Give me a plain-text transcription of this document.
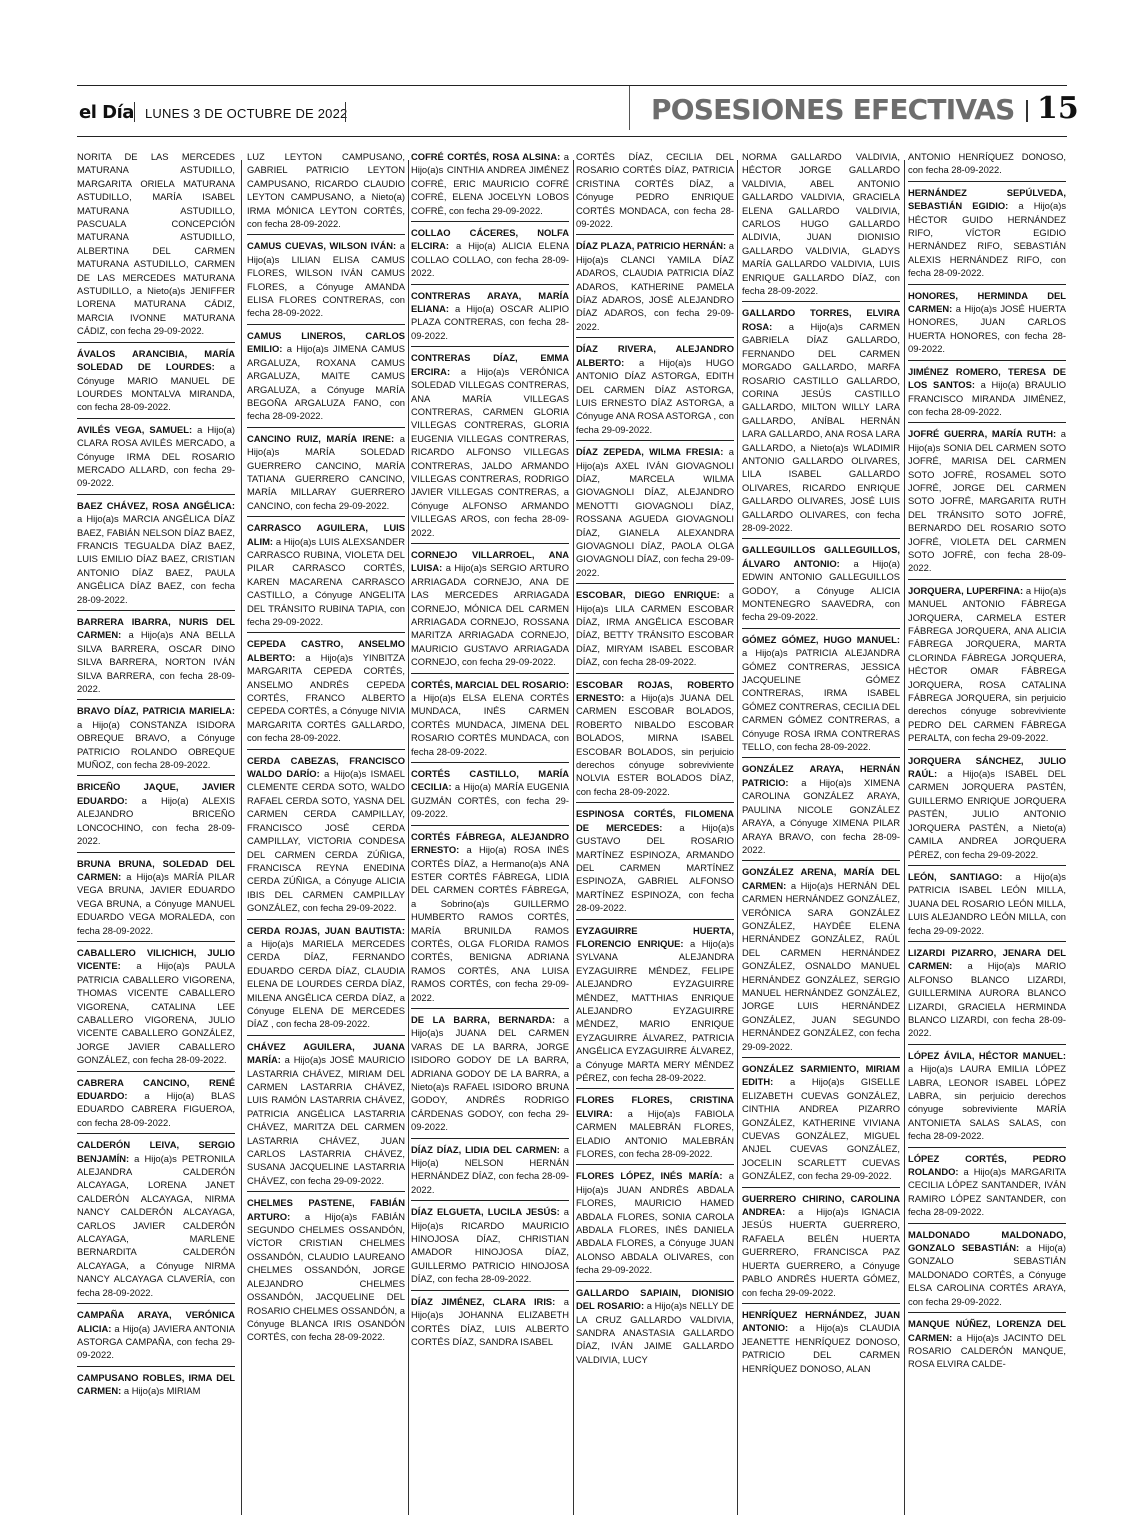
el Día LUNES 3 DE OCTUBRE DE 2022	POSESIONES EFECTIVAS 15

NORITA DE LAS MERCEDES MATURANA ASTUDILLO, MARGARITA ORIELA MATURANA ASTUDILLO, MARÍA ISABEL MATURANA ASTUDILLO, PASCUALA CONCEPCIÓN MATURANA ASTUDILLO, ALBERTINA DEL CARMEN MATURANA ASTUDILLO, CARMEN DE LAS MERCEDES MATURANA ASTUDILLO, a Nieto(a)s JENIFFER LORENA MATURANA CÁDIZ, MARCIA IVONNE MATURANA CÁDIZ, con fecha 29-09-2022.

ÁVALOS ARANCIBIA, MARÍA SOLEDAD DE LOURDES: a Cónyuge MARIO MANUEL DE LOURDES MONTALVA MIRANDA, con fecha 28-09-2022.

AVILÉS VEGA, SAMUEL: a Hijo(a) CLARA ROSA AVILÉS MERCADO, a Cónyuge IRMA DEL ROSARIO MERCADO ALLARD, con fecha 29-09-2022.

BAEZ CHÁVEZ, ROSA ANGÉLICA: a Hijo(a)s MARCIA ANGÉLICA DÍAZ BAEZ, FABIÁN NELSON DÍAZ BAEZ, FRANCIS TEGUALDA DÍAZ BAEZ, LUIS EMILIO DÍAZ BAEZ, CRISTIAN ANTONIO DÍAZ BAEZ, PAULA ANGÉLICA DÍAZ BAEZ, con fecha 28-09-2022.

BARRERA IBARRA, NURIS DEL CARMEN: a Hijo(a)s ANA BELLA SILVA BARRERA, OSCAR DINO SILVA BARRERA, NORTON IVÁN SILVA BARRERA, con fecha 28-09-2022.

BRAVO DÍAZ, PATRICIA MARIELA: a Hijo(a) CONSTANZA ISIDORA OBREQUE BRAVO, a Cónyuge PATRICIO ROLANDO OBREQUE MUÑOZ, con fecha 28-09-2022.

BRICEÑO JAQUE, JAVIER EDUARDO: a Hijo(a) ALEXIS ALEJANDRO BRICEÑO LONCOCHINO, con fecha 28-09-2022.

BRUNA BRUNA, SOLEDAD DEL CARMEN: a Hijo(a)s MARÍA PILAR VEGA BRUNA, JAVIER EDUARDO VEGA BRUNA, a Cónyuge MANUEL EDUARDO VEGA MORALEDA, con fecha 28-09-2022.

CABALLERO VILICHICH, JULIO VICENTE: a Hijo(a)s PAULA PATRICIA CABALLERO VIGORENA, THOMAS VICENTE CABALLERO VIGORENA, CATALINA LEE CABALLERO VIGORENA, JULIO VICENTE CABALLERO GONZÁLEZ, JORGE JAVIER CABALLERO GONZÁLEZ, con fecha 28-09-2022.

CABRERA CANCINO, RENÉ EDUARDO: a Hijo(a) BLAS EDUARDO CABRERA FIGUEROA, con fecha 28-09-2022.

CALDERÓN LEIVA, SERGIO BENJAMÍN: a Hijo(a)s PETRONILA ALEJANDRA CALDERÓN ALCAYAGA, LORENA JANET CALDERÓN ALCAYAGA, NIRMA NANCY CALDERÓN ALCAYAGA, CARLOS JAVIER CALDERÓN ALCAYAGA, MARLENE BERNARDITA CALDERÓN ALCAYAGA, a Cónyuge NIRMA NANCY ALCAYAGA CLAVERÍA, con fecha 28-09-2022.

CAMPAÑA ARAYA, VERÓNICA ALICIA: a Hijo(a) JAVIERA ANTONIA ASTORGA CAMPAÑA, con fecha 29-09-2022.

CAMPUSANO ROBLES, IRMA DEL CARMEN: a Hijo(a)s MIRIAM

LUZ LEYTON CAMPUSANO, GABRIEL PATRICIO LEYTON CAMPUSANO, RICARDO CLAUDIO LEYTON CAMPUSANO, a Nieto(a) IRMA MÓNICA LEYTON CORTÉS, con fecha 28-09-2022.

CAMUS CUEVAS, WILSON IVÁN: a Hijo(a)s LILIAN ELISA CAMUS FLORES, WILSON IVÁN CAMUS FLORES, a Cónyuge AMANDA ELISA FLORES CONTRERAS, con fecha 28-09-2022.

CAMUS LINEROS, CARLOS EMILIO: a Hijo(a)s JIMENA CAMUS ARGALUZA, ROXANA CAMUS ARGALUZA, MAITE CAMUS ARGALUZA, a Cónyuge MARÍA BEGOÑA ARGALUZA FANO, con fecha 28-09-2022.

CANCINO RUIZ, MARÍA IRENE: a Hijo(a)s MARÍA SOLEDAD GUERRERO CANCINO, MARÍA TATIANA GUERRERO CANCINO, MARÍA MILLARAY GUERRERO CANCINO, con fecha 29-09-2022.

CARRASCO AGUILERA, LUIS ALIM: a Hijo(a)s LUIS ALEXSANDER CARRASCO RUBINA, VIOLETA DEL PILAR CARRASCO CORTÉS, KAREN MACARENA CARRASCO CASTILLO, a Cónyuge ANGELITA DEL TRÁNSITO RUBINA TAPIA, con fecha 29-09-2022.

CEPEDA CASTRO, ANSELMO ALBERTO: a Hijo(a)s YINBITZA MARGARITA CEPEDA CORTÉS, ANSELMO ANDRÉS CEPEDA CORTÉS, FRANCO ALBERTO CEPEDA CORTÉS, a Cónyuge NIVIA MARGARITA CORTÉS GALLARDO, con fecha 28-09-2022.

CERDA CABEZAS, FRANCISCO WALDO DARÍO: a Hijo(a)s ISMAEL CLEMENTE CERDA SOTO, WALDO RAFAEL CERDA SOTO, YASNA DEL CARMEN CERDA CAMPILLAY, FRANCISCO JOSÉ CERDA CAMPILLAY, VICTORIA CONDESA DEL CARMEN CERDA ZÚÑIGA, FRANCISCA REYNA ENEDINA CERDA ZÚÑIGA, a Cónyuge ALICIA IBIS DEL CARMEN CAMPILLAY GONZÁLEZ, con fecha 29-09-2022.

CERDA ROJAS, JUAN BAUTISTA: a Hijo(a)s MARIELA MERCEDES CERDA DÍAZ, FERNANDO EDUARDO CERDA DÍAZ, CLAUDIA ELENA DE LOURDES CERDA DÍAZ, MILENA ANGÉLICA CERDA DÍAZ, a Cónyuge ELENA DE MERCEDES DÍAZ , con fecha 28-09-2022.

CHÁVEZ AGUILERA, JUANA MARÍA: a Hijo(a)s JOSÉ MAURICIO LASTARRIA CHÁVEZ, MIRIAM DEL CARMEN LASTARRIA CHÁVEZ, LUIS RAMÓN LASTARRIA CHÁVEZ, PATRICIA ANGÉLICA LASTARRIA CHÁVEZ, MARITZA DEL CARMEN LASTARRIA CHÁVEZ, JUAN CARLOS LASTARRIA CHÁVEZ, SUSANA JACQUELINE LASTARRIA CHÁVEZ, con fecha 29-09-2022.

CHELMES PASTENE, FABIÁN ARTURO: a Hijo(a)s FABIÁN SEGUNDO CHELMES OSSANDÓN, VÍCTOR CRISTIAN CHELMES OSSANDÓN, CLAUDIO LAUREANO CHELMES OSSANDÓN, JORGE ALEJANDRO CHELMES OSSANDÓN, JACQUELINE DEL ROSARIO CHELMES OSSANDÓN, a Cónyuge BLANCA IRIS OSANDÓN CORTÉS, con fecha 28-09-2022.

COFRÉ CORTÉS, ROSA ALSINA: a Hijo(a)s CINTHIA ANDREA JIMÉNEZ COFRÉ, ERIC MAURICIO COFRÉ COFRÉ, ELENA JOCELYN LOBOS COFRÉ, con fecha 29-09-2022.

COLLAO CÁCERES, NOLFA ELCIRA: a Hijo(a) ALICIA ELENA COLLAO COLLAO, con fecha 28-09-2022.

CONTRERAS ARAYA, MARÍA ELIANA: a Hijo(a) OSCAR ALIPIO PLAZA CONTRERAS, con fecha 28-09-2022.

CONTRERAS DÍAZ, EMMA ERCIRA: a Hijo(a)s VERÓNICA SOLEDAD VILLEGAS CONTRERAS, ANA MARÍA VILLEGAS CONTRERAS, CARMEN GLORIA VILLEGAS CONTRERAS, GLORIA EUGENIA VILLEGAS CONTRERAS, RICARDO ALFONSO VILLEGAS CONTRERAS, JALDO ARMANDO VILLEGAS CONTRERAS, RODRIGO JAVIER VILLEGAS CONTRERAS, a Cónyuge ALFONSO ARMANDO VILLEGAS AROS, con fecha 28-09-2022.

CORNEJO VILLARROEL, ANA LUISA: a Hijo(a)s SERGIO ARTURO ARRIAGADA CORNEJO, ANA DE LAS MERCEDES ARRIAGADA CORNEJO, MÓNICA DEL CARMEN ARRIAGADA CORNEJO, ROSSANA MARITZA ARRIAGADA CORNEJO, MAURICIO GUSTAVO ARRIAGADA CORNEJO, con fecha 29-09-2022.

CORTÉS, MARCIAL DEL ROSARIO: a Hijo(a)s ELSA ELENA CORTÉS MUNDACA, INÉS CARMEN CORTÉS MUNDACA, JIMENA DEL ROSARIO CORTÉS MUNDACA, con fecha 28-09-2022.

CORTÉS CASTILLO, MARÍA CECILIA: a Hijo(a) MARÍA EUGENIA GUZMÁN CORTÉS, con fecha 29- 09-2022.

CORTÉS FÁBREGA, ALEJANDRO ERNESTO: a Hijo(a) ROSA INÉS CORTÉS DÍAZ, a Hermano(a)s ANA ESTER CORTÉS FÁBREGA, LIDIA DEL CARMEN CORTÉS FÁBREGA, a Sobrino(a)s GUILLERMO HUMBERTO RAMOS CORTÉS, MARÍA BRUNILDA RAMOS CORTÉS, OLGA FLORIDA RAMOS CORTÉS, BENIGNA ADRIANA RAMOS CORTÉS, ANA LUISA RAMOS CORTÉS, con fecha 29-09-2022.

DE LA BARRA, BERNARDA: a Hijo(a)s JUANA DEL CARMEN VARAS DE LA BARRA, JORGE ISIDORO GODOY DE LA BARRA, ADRIANA GODOY DE LA BARRA, a Nieto(a)s RAFAEL ISIDORO BRUNA GODOY, ANDRÉS RODRIGO CÁRDENAS GODOY, con fecha 29-09-2022.

DÍAZ DÍAZ, LIDIA DEL CARMEN: a Hijo(a) NELSON HERNÁN HERNÁNDEZ DÍAZ, con fecha 28-09-2022.

DÍAZ ELGUETA, LUCILA JESÚS: a Hijo(a)s RICARDO MAURICIO HINOJOSA DÍAZ, CHRISTIAN AMADOR HINOJOSA DÍAZ, GUILLERMO PATRICIO HINOJOSA DÍAZ, con fecha 28-09-2022.

DÍAZ JIMÉNEZ, CLARA IRIS: a Hijo(a)s JOHANNA ELIZABETH CORTÉS DÍAZ, LUIS ALBERTO CORTÉS DÍAZ, SANDRA ISABEL

CORTÉS DÍAZ, CECILIA DEL ROSARIO CORTÉS DÍAZ, PATRICIA CRISTINA CORTÉS DÍAZ, a Cónyuge PEDRO ENRIQUE CORTÉS MONDACA, con fecha 28-09-2022.

DÍAZ PLAZA, PATRICIO HERNÁN: a Hijo(a)s CLANCI YAMILA DÍAZ ADAROS, CLAUDIA PATRICIA DÍAZ ADAROS, KATHERINE PAMELA DÍAZ ADAROS, JOSÉ ALEJANDRO DÍAZ ADAROS, con fecha 29-09-2022.

DÍAZ RIVERA, ALEJANDRO ALBERTO: a Hijo(a)s HUGO ANTONIO DÍAZ ASTORGA, EDITH DEL CARMEN DÍAZ ASTORGA, LUIS ERNESTO DÍAZ ASTORGA, a Cónyuge ANA ROSA ASTORGA , con fecha 29-09-2022.

DÍAZ ZEPEDA, WILMA FRESIA: a Hijo(a)s AXEL IVÁN GIOVAGNOLI DÍAZ, MARCELA WILMA GIOVAGNOLI DÍAZ, ALEJANDRO MENOTTI GIOVAGNOLI DÍAZ, ROSSANA AGUEDA GIOVAGNOLI DÍAZ, GIANELA ALEXANDRA GIOVAGNOLI DÍAZ, PAOLA OLGA GIOVAGNOLI DÍAZ, con fecha 29-09-2022.

ESCOBAR, DIEGO ENRIQUE: a Hijo(a)s LILA CARMEN ESCOBAR DÍAZ, IRMA ANGÉLICA ESCOBAR DÍAZ, BETTY TRÁNSITO ESCOBAR DÍAZ, MIRYAM ISABEL ESCOBAR DÍAZ, con fecha 28-09-2022.

ESCOBAR ROJAS, ROBERTO ERNESTO: a Hijo(a)s JUANA DEL CARMEN ESCOBAR BOLADOS, ROBERTO NIBALDO ESCOBAR BOLADOS, MIRNA ISABEL ESCOBAR BOLADOS, sin perjuicio derechos cónyuge sobreviviente NOLVIA ESTER BOLADOS DÍAZ, con fecha 28-09-2022.

ESPINOSA CORTÉS, FILOMENA DE MERCEDES: a Hijo(a)s GUSTAVO DEL ROSARIO MARTÍNEZ ESPINOZA, ARMANDO DEL CARMEN MARTÍNEZ ESPINOZA, GABRIEL ALFONSO MARTÍNEZ ESPINOZA, con fecha 28-09-2022.

EYZAGUIRRE HUERTA, FLORENCIO ENRIQUE: a Hijo(a)s SYLVANA ALEJANDRA EYZAGUIRRE MÉNDEZ, FELIPE ALEJANDRO EYZAGUIRRE MÉNDEZ, MATTHIAS ENRIQUE ALEJANDRO EYZAGUIRRE MÉNDEZ, MARIO ENRIQUE EYZAGUIRRE ÁLVAREZ, PATRICIA ANGÉLICA EYZAGUIRRE ÁLVAREZ, a Cónyuge MARTA MERY MÉNDEZ PÉREZ, con fecha 28-09-2022.

FLORES FLORES, CRISTINA ELVIRA: a Hijo(a)s FABIOLA CARMEN MALEBRÁN FLORES, ELADIO ANTONIO MALEBRÁN FLORES, con fecha 28-09-2022.

FLORES LÓPEZ, INÉS MARÍA: a Hijo(a)s JUAN ANDRÉS ABDALA FLORES, MAURICIO HAMED ABDALA FLORES, SONIA CAROLA ABDALA FLORES, INÉS DANIELA ABDALA FLORES, a Cónyuge JUAN ALONSO ABDALA OLIVARES, con fecha 29-09-2022.

GALLARDO SAPIAIN, DIONISIO DEL ROSARIO: a Hijo(a)s NELLY DE LA CRUZ GALLARDO VALDIVIA, SANDRA ANASTASIA GALLARDO DÍAZ, IVÁN JAIME GALLARDO VALDIVIA, LUCY

NORMA GALLARDO VALDIVIA, HÉCTOR JORGE GALLARDO VALDIVIA, ABEL ANTONIO GALLARDO VALDIVIA, GRACIELA ELENA GALLARDO VALDIVIA, CARLOS HUGO GALLARDO ALDIVIA, JUAN DIONISIO GALLARDO VALDIVIA, GLADYS MARÍA GALLARDO VALDIVIA, LUIS ENRIQUE GALLARDO DÍAZ, con fecha 28-09-2022.

GALLARDO TORRES, ELVIRA ROSA: a Hijo(a)s CARMEN GABRIELA DÍAZ GALLARDO, FERNANDO DEL CARMEN MORGADO GALLARDO, MARFA ROSARIO CASTILLO GALLARDO, CORINA JESÚS CASTILLO GALLARDO, MILTON WILLY LARA GALLARDO, ANÍBAL HERNÁN LARA GALLARDO, ANA ROSA LARA GALLARDO, a Nieto(a)s WLADIMIR ANTONIO GALLARDO OLIVARES, LILA ISABEL GALLARDO OLIVARES, RICARDO ENRIQUE GALLARDO OLIVARES, JOSÉ LUIS GALLARDO OLIVARES, con fecha 28-09-2022.

GALLEGUILLOS GALLEGUILLOS, ÁLVARO ANTONIO: a Hijo(a) EDWIN ANTONIO GALLEGUILLOS GODOY, a Cónyuge ALICIA MONTENEGRO SAAVEDRA, con fecha 29-09-2022.

GÓMEZ GÓMEZ, HUGO MANUEL: a Hijo(a)s PATRICIA ALEJANDRA GÓMEZ CONTRERAS, JESSICA JACQUELINE GÓMEZ CONTRERAS, IRMA ISABEL GÓMEZ CONTRERAS, CECILIA DEL CARMEN GÓMEZ CONTRERAS, a Cónyuge ROSA IRMA CONTRERAS TELLO, con fecha 28-09-2022.

GONZÁLEZ ARAYA, HERNÁN PATRICIO: a Hijo(a)s XIMENA CAROLINA GONZÁLEZ ARAYA, PAULINA NICOLE GONZÁLEZ ARAYA, a Cónyuge XIMENA PILAR ARAYA BRAVO, con fecha 28-09-2022.

GONZÁLEZ ARENA, MARÍA DEL CARMEN: a Hijo(a)s HERNÁN DEL CARMEN HERNÁNDEZ GONZÁLEZ, VERÓNICA SARA GONZÁLEZ GONZÁLEZ, HAYDÉE ELENA HERNÁNDEZ GONZÁLEZ, RAÚL DEL CARMEN HERNÁNDEZ GONZÁLEZ, OSNALDO MANUEL HERNÁNDEZ GONZÁLEZ, SERGIO MANUEL HERNÁNDEZ GONZÁLEZ, JORGE LUIS HERNÁNDEZ GONZÁLEZ, JUAN SEGUNDO HERNÁNDEZ GONZÁLEZ, con fecha 29-09-2022.

GONZÁLEZ SARMIENTO, MIRIAM EDITH: a Hijo(a)s GISELLE ELIZABETH CUEVAS GONZÁLEZ, CINTHIA ANDREA PIZARRO GONZÁLEZ, KATHERINE VIVIANA CUEVAS GONZÁLEZ, MIGUEL ANJEL CUEVAS GONZÁLEZ, JOCELIN SCARLETT CUEVAS GONZÁLEZ, con fecha 29-09-2022.

GUERRERO CHIRINO, CAROLINA ANDREA: a Hijo(a)s IGNACIA JESÚS HUERTA GUERRERO, RAFAELA BELÉN HUERTA GUERRERO, FRANCISCA PAZ HUERTA GUERRERO, a Cónyuge PABLO ANDRÉS HUERTA GÓMEZ, con fecha 29-09-2022.

HENRÍQUEZ HERNÁNDEZ, JUAN ANTONIO: a Hijo(a)s CLAUDIA JEANETTE HENRÍQUEZ DONOSO, PATRICIO DEL CARMEN HENRÍQUEZ DONOSO, ALAN

ANTONIO HENRÍQUEZ DONOSO, con fecha 28-09-2022.

HERNÁNDEZ SEPÚLVEDA, SEBASTIÁN EGIDIO: a Hijo(a)s HÉCTOR GUIDO HERNÁNDEZ RIFO, VÍCTOR EGIDIO HERNÁNDEZ RIFO, SEBASTIÁN ALEXIS HERNÁNDEZ RIFO, con fecha 28-09-2022.

HONORES, HERMINDA DEL CARMEN: a Hijo(a)s JOSÉ HUERTA HONORES, JUAN CARLOS HUERTA HONORES, con fecha 28-09-2022.

JIMÉNEZ ROMERO, TERESA DE LOS SANTOS: a Hijo(a) BRAULIO FRANCISCO MIRANDA JIMÉNEZ, con fecha 28-09-2022.

JOFRÉ GUERRA, MARÍA RUTH: a Hijo(a)s SONIA DEL CARMEN SOTO JOFRÉ, MARISA DEL CARMEN SOTO JOFRÉ, ROSAMEL SOTO JOFRÉ, JORGE DEL CARMEN SOTO JOFRÉ, MARGARITA RUTH DEL TRÁNSITO SOTO JOFRÉ, BERNARDO DEL ROSARIO SOTO JOFRÉ, VIOLETA DEL CARMEN SOTO JOFRÉ, con fecha 28-09-2022.

JORQUERA, LUPERFINA: a Hijo(a)s MANUEL ANTONIO FÁBREGA JORQUERA, CARMELA ESTER FÁBREGA JORQUERA, ANA ALICIA FÁBREGA JORQUERA, MARTA CLORINDA FÁBREGA JORQUERA, HÉCTOR OMAR FÁBREGA JORQUERA, ROSA CATALINA FÁBREGA JORQUERA, sin perjuicio derechos cónyuge sobreviviente PEDRO DEL CARMEN FÁBREGA PERALTA, con fecha 29-09-2022.

JORQUERA SÁNCHEZ, JULIO RAÚL: a Hijo(a)s ISABEL DEL CARMEN JORQUERA PASTÉN, GUILLERMO ENRIQUE JORQUERA PASTÉN, JULIO ANTONIO JORQUERA PASTÉN, a Nieto(a) CAMILA ANDREA JORQUERA PÉREZ, con fecha 29-09-2022.

LEÓN, SANTIAGO: a Hijo(a)s PATRICIA ISABEL LEÓN MILLA, JUANA DEL ROSARIO LEÓN MILLA, LUIS ALEJANDRO LEÓN MILLA, con fecha 29-09-2022.

LIZARDI PIZARRO, JENARA DEL CARMEN: a Hijo(a)s MARIO ALFONSO BLANCO LIZARDI, GUILLERMINA AURORA BLANCO LIZARDI, GRACIELA HERMINDA BLANCO LIZARDI, con fecha 28-09-2022.

LÓPEZ ÁVILA, HÉCTOR MANUEL: a Hijo(a)s LAURA EMILIA LÓPEZ LABRA, LEONOR ISABEL LÓPEZ LABRA, sin perjuicio derechos cónyuge sobreviviente MARÍA ANTONIETA SALAS SALAS, con fecha 28-09-2022.

LÓPEZ CORTÉS, PEDRO ROLANDO: a Hijo(a)s MARGARITA CECILIA LÓPEZ SANTANDER, IVÁN RAMIRO LÓPEZ SANTANDER, con fecha 28-09-2022.

MALDONADO MALDONADO, GONZALO SEBASTIÁN: a Hijo(a) GONZALO SEBASTIÁN MALDONADO CORTÉS, a Cónyuge ELSA CAROLINA CORTÉS ARAYA, con fecha 29-09-2022.

MANQUE NÚÑEZ, LORENZA DEL CARMEN: a Hijo(a)s JACINTO DEL ROSARIO CALDERÓN MANQUE, ROSA ELVIRA CALDE-
